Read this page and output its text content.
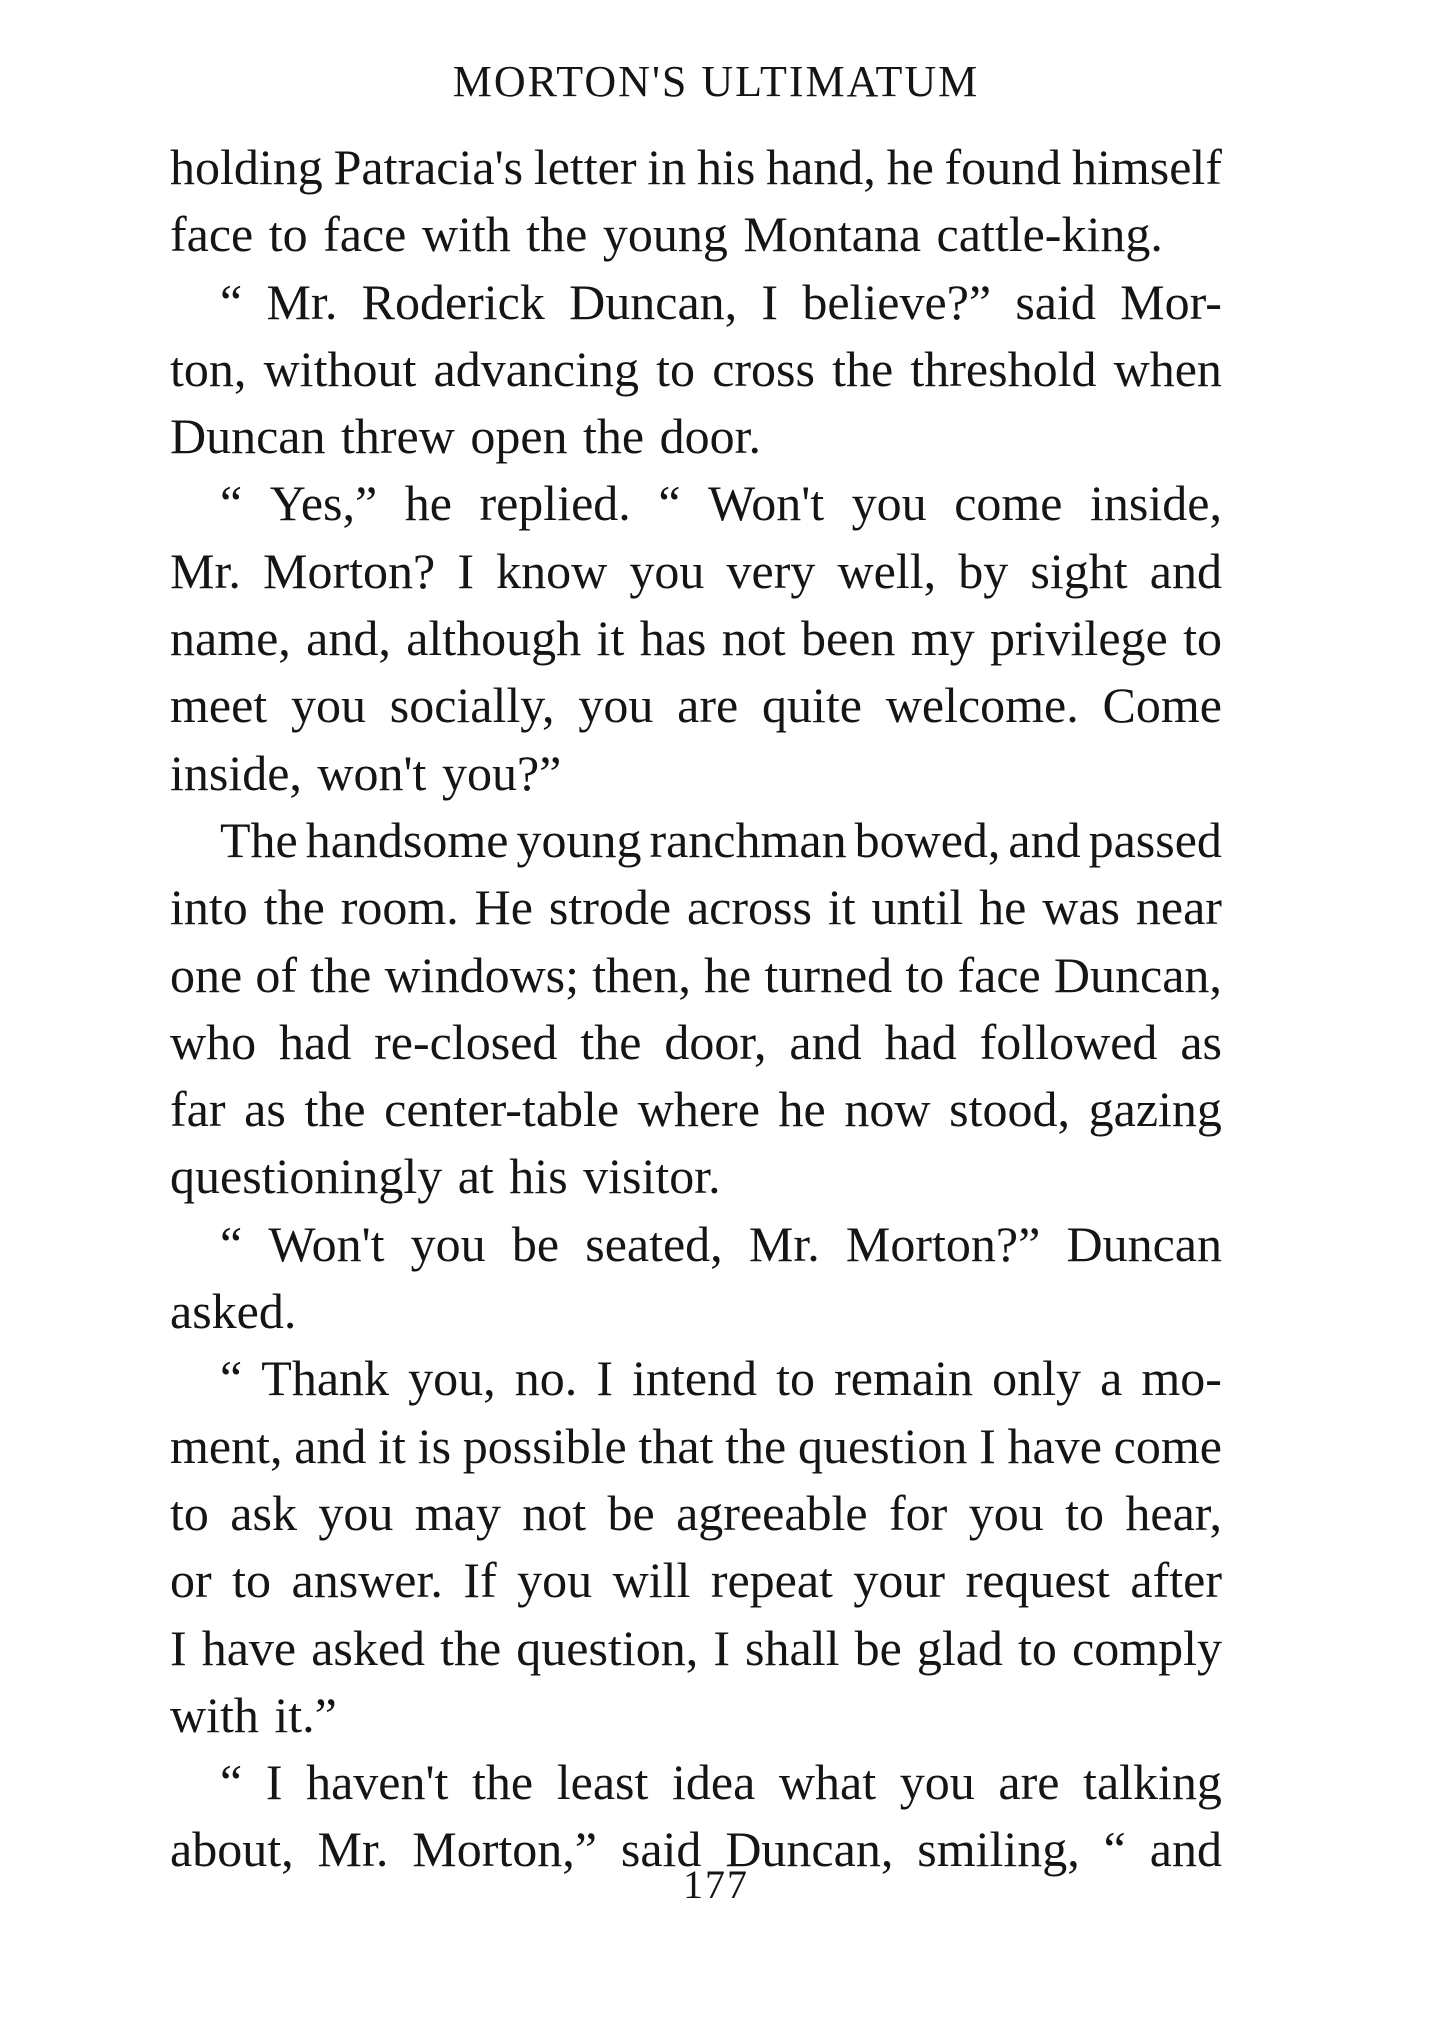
MORTON'S ULTIMATUM
holding Patracia's letter in his hand, he found himself
face to face with the young Montana cattle-king.
“ Mr. Roderick Duncan, I believe?” said Mor-
ton, without advancing to cross the threshold when
Duncan threw open the door.
“ Yes,” he replied. “ Won't you come inside,
Mr. Morton? I know you very well, by sight and
name, and, although it has not been my privilege to
meet you socially, you are quite welcome. Come
inside, won't you?”
The handsome young ranchman bowed, and passed
into the room. He strode across it until he was near
one of the windows; then, he turned to face Duncan,
who had re-closed the door, and had followed as
far as the center-table where he now stood, gazing
questioningly at his visitor.
“ Won't you be seated, Mr. Morton?” Duncan
asked.
“ Thank you, no. I intend to remain only a mo-
ment, and it is possible that the question I have come
to ask you may not be agreeable for you to hear,
or to answer. If you will repeat your request after
I have asked the question, I shall be glad to comply
with it.”
“ I haven't the least idea what you are talking
about, Mr. Morton,” said Duncan, smiling, “ and
177
